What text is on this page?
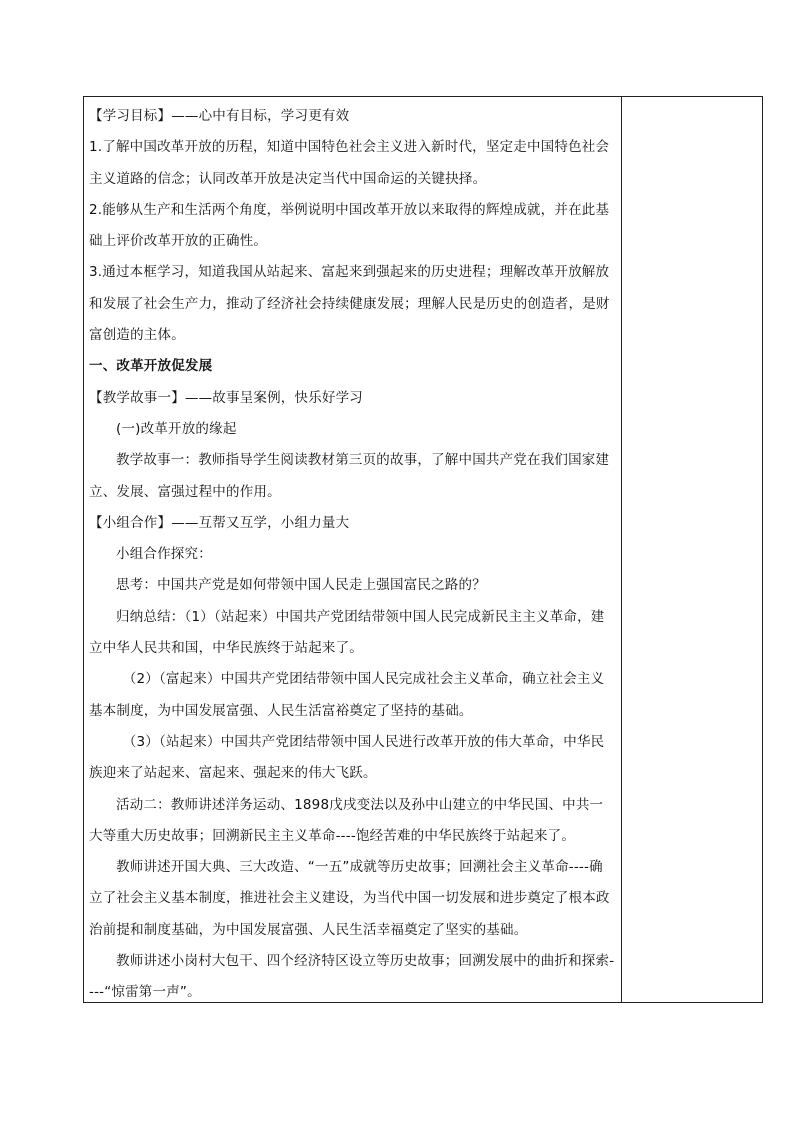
【学习目标】——心中有目标，学习更有效

1.了解中国改革开放的历程，知道中国特色社会主义进入新时代，坚定走中国特色社会主义道路的信念；认同改革开放是决定当代中国命运的关键抉择。

2.能够从生产和生活两个角度，举例说明中国改革开放以来取得的辉煌成就，并在此基础上评价改革开放的正确性。

3.通过本框学习，知道我国从站起来、富起来到强起来的历史进程；理解改革开放解放和发展了社会生产力，推动了经济社会持续健康发展；理解人民是历史的创造者，是财富创造的主体。

一、改革开放促发展

【教学故事一】——故事呈案例，快乐好学习

(一)改革开放的缘起

教学故事一：教师指导学生阅读教材第三页的故事，了解中国共产党在我们国家建立、发展、富强过程中的作用。

【小组合作】——互帮又互学，小组力量大

小组合作探究：

思考：中国共产党是如何带领中国人民走上强国富民之路的？

归纳总结：（1）（站起来）中国共产党团结带领中国人民完成新民主主义革命，建立中华人民共和国，中华民族终于站起来了。

（2）（富起来）中国共产党团结带领中国人民完成社会主义革命，确立社会主义基本制度，为中国发展富强、人民生活富裕奠定了坚持的基础。

（3）（站起来）中国共产党团结带领中国人民进行改革开放的伟大革命，中华民族迎来了站起来、富起来、强起来的伟大飞跃。

活动二：教师讲述洋务运动、1898戊戌变法以及孙中山建立的中华民国、中共一大等重大历史故事；回溯新民主主义革命----饱经苦难的中华民族终于站起来了。

教师讲述开国大典、三大改造、“一五”成就等历史故事；回溯社会主义革命----确立了社会主义基本制度，推进社会主义建设，为当代中国一切发展和进步奠定了根本政治前提和制度基础，为中国发展富强、人民生活幸福奠定了坚实的基础。

教师讲述小岗村大包干、四个经济特区设立等历史故事；回溯发展中的曲折和探索----“惊雷第一声”。
